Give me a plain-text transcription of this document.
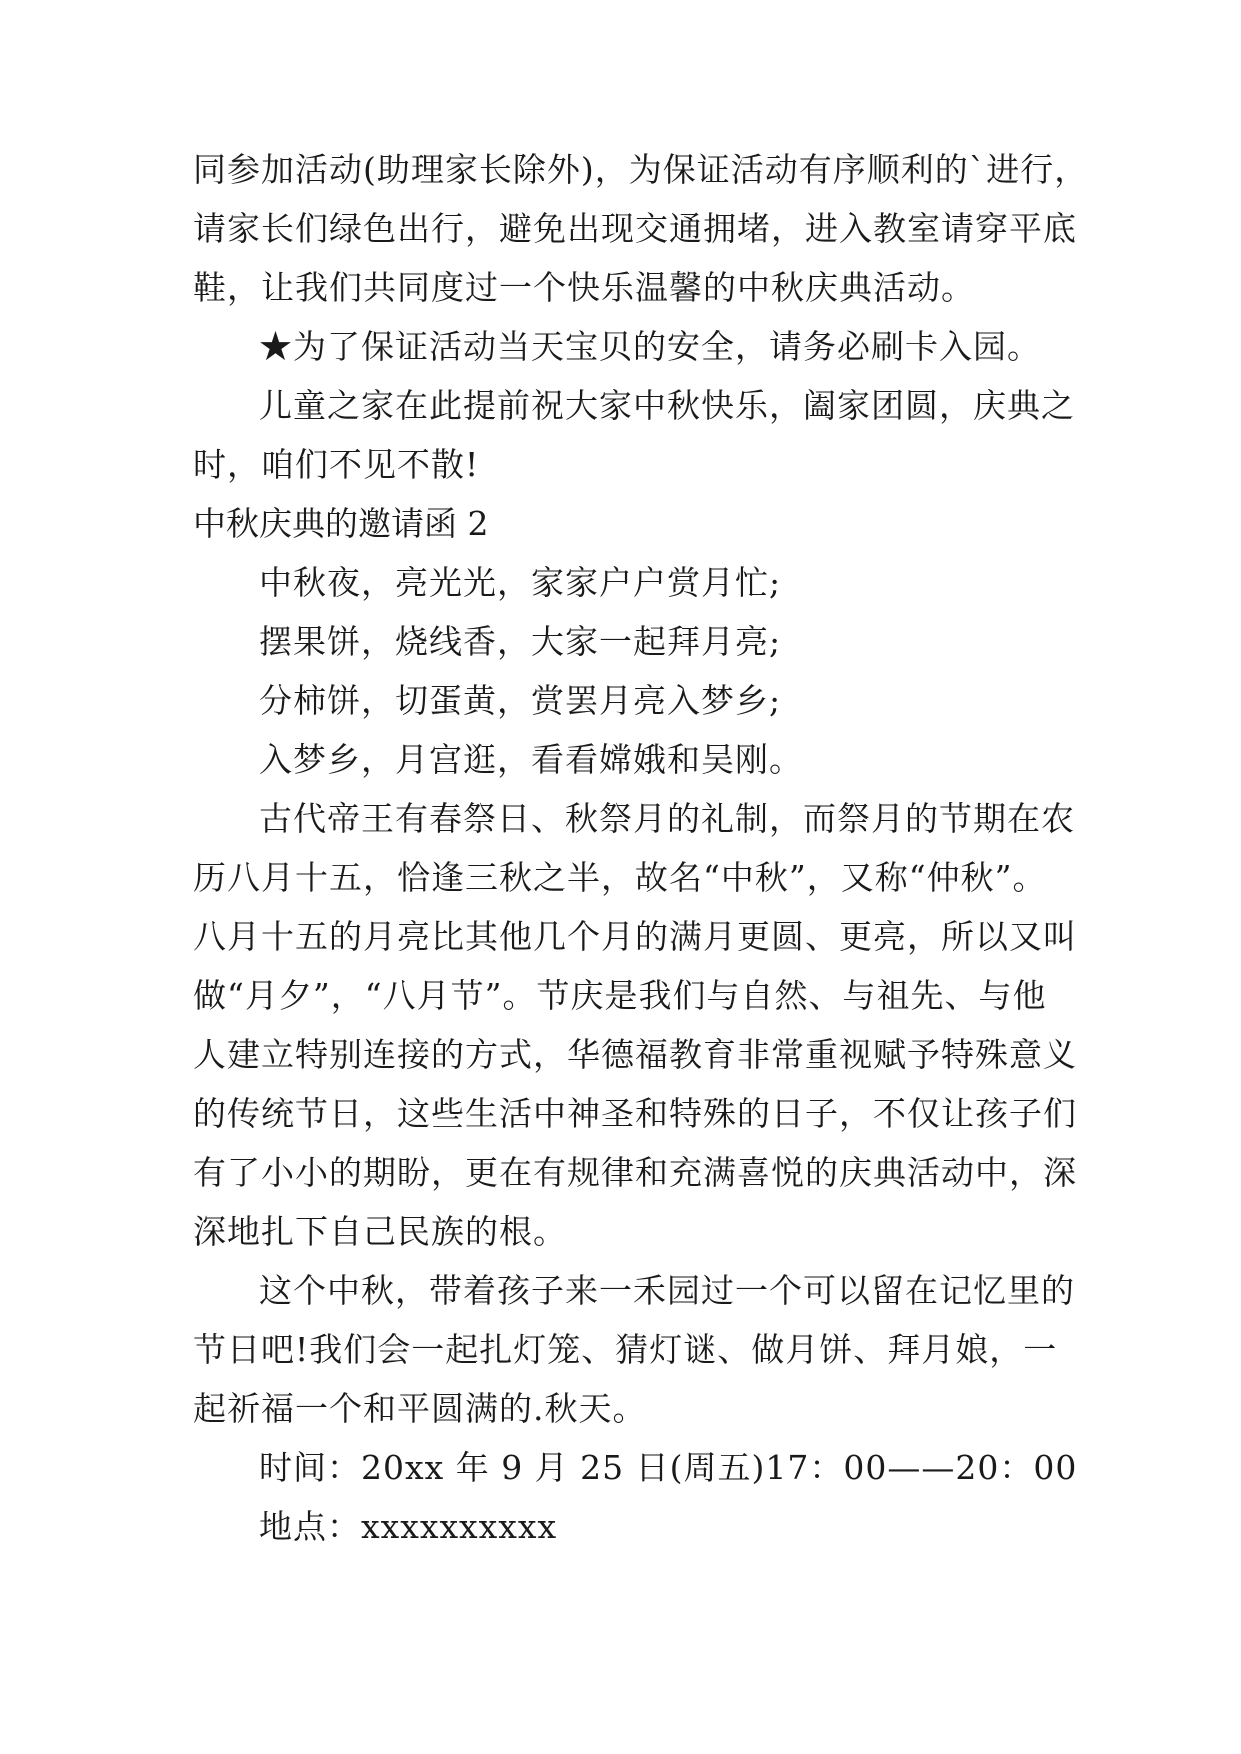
同参加活动(助理家长除外)，为保证活动有序顺利的`进行，
请家长们绿色出行，避免出现交通拥堵，进入教室请穿平底
鞋，让我们共同度过一个快乐温馨的中秋庆典活动。
★为了保证活动当天宝贝的安全，请务必刷卡入园。
儿童之家在此提前祝大家中秋快乐，阖家团圆，庆典之
时，咱们不见不散!
中秋庆典的邀请函 2
中秋夜，亮光光，家家户户赏月忙;
摆果饼，烧线香，大家一起拜月亮;
分柿饼，切蛋黄，赏罢月亮入梦乡;
入梦乡，月宫逛，看看嫦娥和吴刚。
古代帝王有春祭日、秋祭月的礼制，而祭月的节期在农
历八月十五，恰逢三秋之半，故名“中秋”，又称“仲秋”。
八月十五的月亮比其他几个月的满月更圆、更亮，所以又叫
做“月夕”，“八月节”。节庆是我们与自然、与祖先、与他
人建立特别连接的方式，华德福教育非常重视赋予特殊意义
的传统节日，这些生活中神圣和特殊的日子，不仅让孩子们
有了小小的期盼，更在有规律和充满喜悦的庆典活动中，深
深地扎下自己民族的根。
这个中秋，带着孩子来一禾园过一个可以留在记忆里的
节日吧!我们会一起扎灯笼、猜灯谜、做月饼、拜月娘，一
起祈福一个和平圆满的.秋天。
时间：20xx 年 9 月 25 日(周五)17：00——20：00
地点：xxxxxxxxxx
